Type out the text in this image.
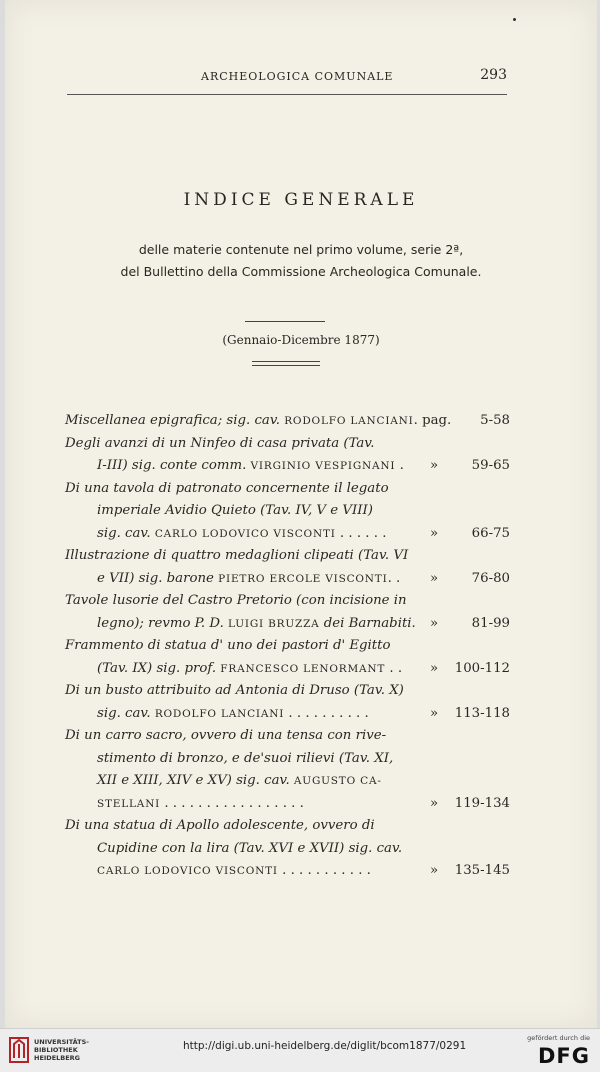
ARCHEOLOGICA COMUNALE	293
INDICE GENERALE
delle materie contenute nel primo volume, serie 2ª,
del Bullettino della Commissione Archeologica Comunale.
(Gennaio-Dicembre 1877)
Miscellanea epigrafica; sig. cav. RODOLFO LANCIANI. pag. 5-58
Degli avanzi di un Ninfeo di casa privata (Tav.
I-III) sig. conte comm. VIRGINIO VESPIGNANI . »	59-65
Di una tavola di patronato concernente il legato
imperiale Avidio Quieto (Tav. IV, V e VIII)
sig. cav. CARLO LODOVICO VISCONTI . . . . . .	»	66-75
Illustrazione di quattro medaglioni clipeati (Tav. VI
e VII) sig. barone PIETRO ERCOLE VISCONTI. . »	76-80
Tavole lusorie del Castro Pretorio (con incisione in
legno); revmo P. D. LUIGI BRUZZA dei Barnabiti. »	81-99
Frammento di statua d' uno dei pastori d' Egitto
(Tav. IX) sig. prof. FRANCESCO LENORMANT . . » 100-112
Di un busto attribuito ad Antonia di Druso (Tav. X)
sig. cav. RODOLFO LANCIANI . . . . . . . . . .	» 113-118
Di un carro sacro, ovvero di una tensa con rive-
stimento di bronzo, e de'suoi rilievi (Tav. XI,
XII e XIII, XIV e XV) sig. cav. AUGUSTO CA-
STELLANI . . . . . . . . . . . . . . . . .	» 119-134
Di una statua di Apollo adolescente, ovvero di
Cupidine con la lira (Tav. XVI e XVII) sig. cav.
CARLO LODOVICO VISCONTI . . . . . . . . . . .	» 135-145
UNIVERSITÄTS-
BIBLIOTHEK
HEIDELBERG
http://digi.ub.uni-heidelberg.de/diglit/bcom1877/0291
gefördert durch die
DFG
